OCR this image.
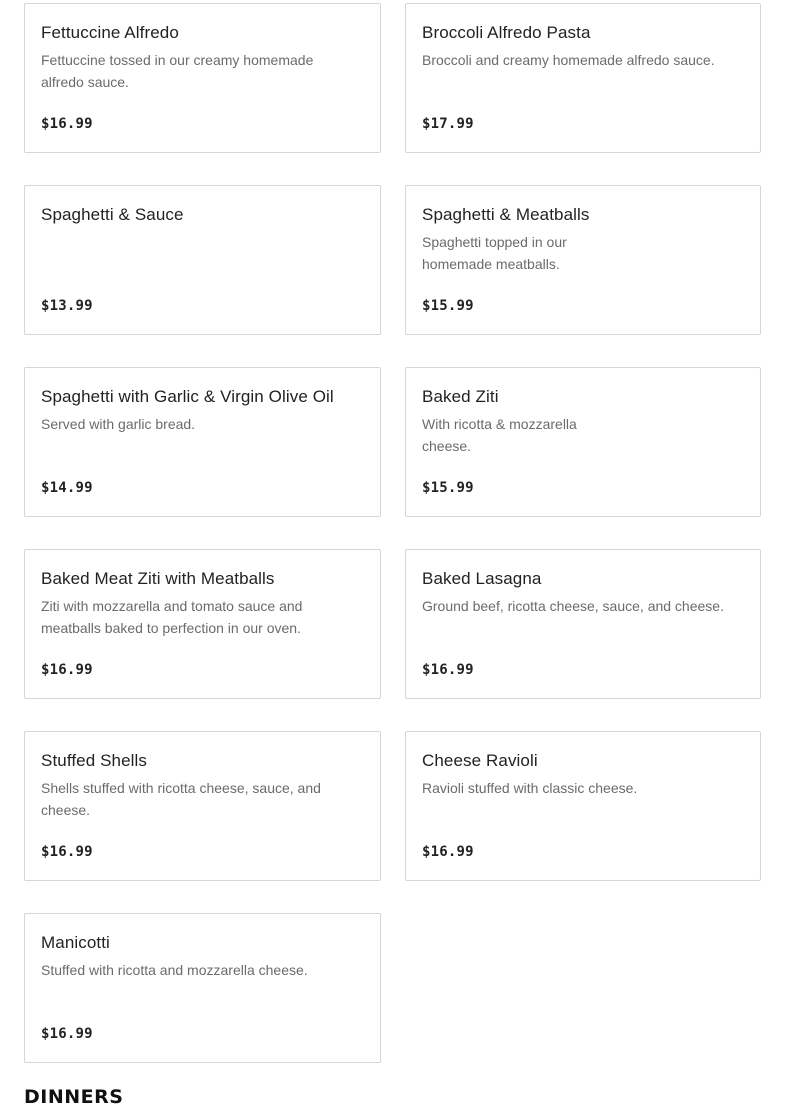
Fettuccine Alfredo
Fettuccine tossed in our creamy homemade alfredo sauce.
$16.99
Broccoli Alfredo Pasta
Broccoli and creamy homemade alfredo sauce.
$17.99
Spaghetti & Sauce
$13.99
Spaghetti & Meatballs
Spaghetti topped in our homemade meatballs.
$15.99
Spaghetti with Garlic & Virgin Olive Oil
Served with garlic bread.
$14.99
Baked Ziti
With ricotta & mozzarella cheese.
$15.99
Baked Meat Ziti with Meatballs
Ziti with mozzarella and tomato sauce and meatballs baked to perfection in our oven.
$16.99
Baked Lasagna
Ground beef, ricotta cheese, sauce, and cheese.
$16.99
Stuffed Shells
Shells stuffed with ricotta cheese, sauce, and cheese.
$16.99
Cheese Ravioli
Ravioli stuffed with classic cheese.
$16.99
Manicotti
Stuffed with ricotta and mozzarella cheese.
$16.99
DINNERS
